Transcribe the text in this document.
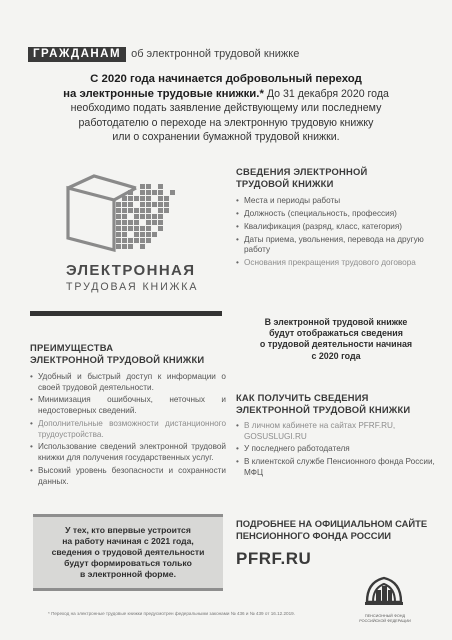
ГРАЖДАНАМ об электронной трудовой книжке
С 2020 года начинается добровольный переход
на электронные трудовые книжки.* До 31 декабря 2020 года
необходимо подать заявление действующему или последнему
работодателю о переходе на электронную трудовую книжку
или о сохранении бумажной трудовой книжки.
ЭЛЕКТРОННАЯ
ТРУДОВАЯ КНИЖКА
СВЕДЕНИЯ ЭЛЕКТРОННОЙ
ТРУДОВОЙ КНИЖКИ
• Места и периоды работы
• Должность (специальность, профессия)
• Квалификация (разряд, класс, категория)
• Даты приема, увольнения, перевода на другую работу
• Основания прекращения трудового договора
ПРЕИМУЩЕСТВА
ЭЛЕКТРОННОЙ ТРУДОВОЙ КНИЖКИ
• Удобный и быстрый доступ к информации о своей трудовой деятельности.
• Минимизация ошибочных, неточных и недостоверных сведений.
• Дополнительные возможности дистанционного трудоустройства.
• Использование сведений электронной трудовой книжки для получения государственных услуг.
• Высокий уровень безопасности и сохранности данных.
В электронной трудовой книжке
будут отображаться сведения
о трудовой деятельности начиная
с 2020 года
КАК ПОЛУЧИТЬ СВЕДЕНИЯ
ЭЛЕКТРОННОЙ ТРУДОВОЙ КНИЖКИ
• В личном кабинете на сайтах PFRF.RU, GOSUSLUGI.RU
• У последнего работодателя
• В клиентской службе Пенсионного фонда России, МФЦ
У тех, кто впервые устроится
на работу начиная с 2021 года,
сведения о трудовой деятельности
будут формироваться только
в электронной форме.
ПОДРОБНЕЕ НА ОФИЦИАЛЬНОМ САЙТЕ
ПЕНСИОННОГО ФОНДА РОССИИ
PFRF.RU
ПЕНСИОННЫЙ ФОНД
РОССИЙСКОЙ ФЕДЕРАЦИИ
* Переход на электронные трудовые книжки предусмотрен федеральными законами № 436 и № 439 от 16.12.2019.
